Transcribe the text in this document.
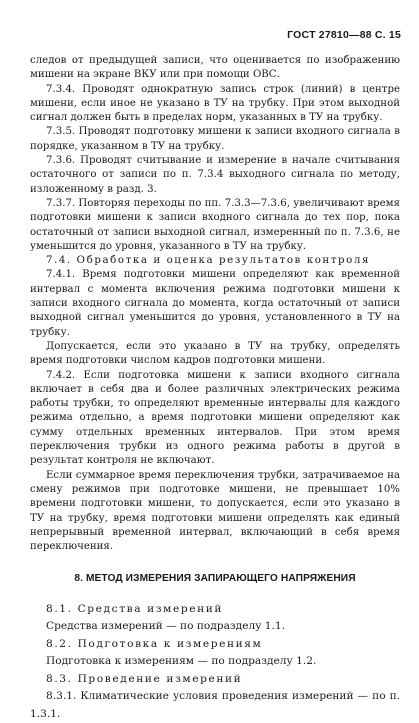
ГОСТ 27810—88 С. 15

следов от предыдущей записи, что оценивается по изображению мишени на экране ВКУ или при помощи ОВС.

7.3.4. Проводят однократную запись строк (линий) в центре мишени, если иное не указано в ТУ на трубку. При этом выходной сигнал должен быть в пределах норм, указанных в ТУ на трубку.

7.3.5. Проводят подготовку мишени к записи входного сигнала в порядке, указанном в ТУ на трубку.

7.3.6. Проводят считывание и измерение в начале считывания остаточного от записи по п. 7.3.4 выходного сигнала по методу, изложенному в разд. 3.

7.3.7. Повторяя переходы по пп. 7.3.3—7.3.6, увеличивают время подготовки мишени к записи входного сигнала до тех пор, пока остаточный от записи выходной сигнал, измеренный по п. 7.3.6, не уменьшится до уровня, указанного в ТУ на трубку.

7.4. Обработка и оценка результатов контроля

7.4.1. Время подготовки мишени определяют как временной интервал с момента включения режима подготовки мишени к записи входного сигнала до момента, когда остаточный от записи выходной сигнал уменьшится до уровня, установленного в ТУ на трубку.

Допускается, если это указано в ТУ на трубку, определять время подготовки числом кадров подготовки мишени.

7.4.2. Если подготовка мишени к записи входного сигнала включает в себя два и более различных электрических режима работы трубки, то определяют временные интервалы для каждого режима отдельно, а время подготовки мишени определяют как сумму отдельных временных интервалов. При этом время переключения трубки из одного режима работы в другой в результат контроля не включают.

Если суммарное время переключения трубки, затрачиваемое на смену режимов при подготовке мишени, не превышает 10% времени подготовки мишени, то допускается, если это указано в ТУ на трубку, время подготовки мишени определять как единый непрерывный временной интервал, включающий в себя время переключения.

8. МЕТОД ИЗМЕРЕНИЯ ЗАПИРАЮЩЕГО НАПРЯЖЕНИЯ

8.1. Средства измерений

Средства измерений — по подразделу 1.1.

8.2. Подготовка к измерениям

Подготовка к измерениям — по подразделу 1.2.

8.3. Проведение измерений

8.3.1. Климатические условия проведения измерений — по п. 1.3.1.
